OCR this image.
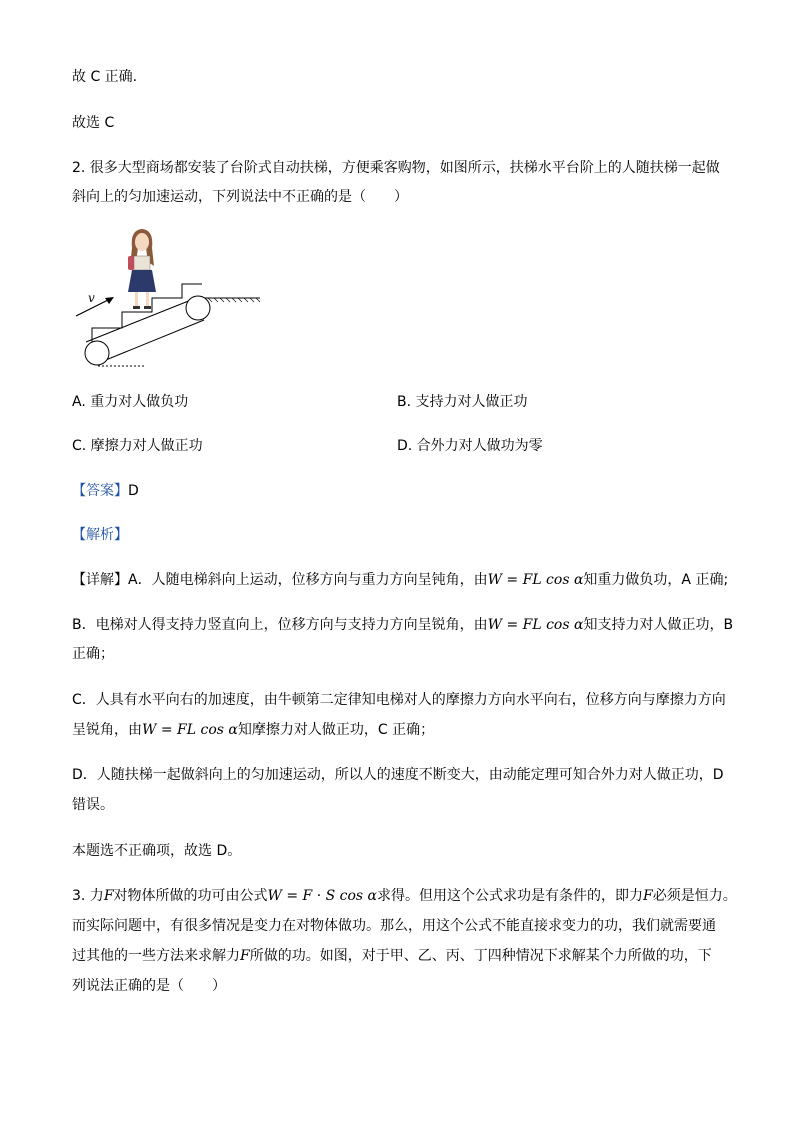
故 C 正确.
故选 C
2. 很多大型商场都安装了台阶式自动扶梯，方便乘客购物，如图所示，扶梯水平台阶上的人随扶梯一起做
斜向上的匀加速运动，下列说法中不正确的是（　　）
v
A. 重力对人做负功	B. 支持力对人做正功
C. 摩擦力对人做正功	D. 合外力对人做功为零
【答案】D
【解析】
【详解】A．人随电梯斜向上运动，位移方向与重力方向呈钝角，由W = FL cos α知重力做负功，A 正确;
B．电梯对人得支持力竖直向上，位移方向与支持力方向呈锐角，由W = FL cos α知支持力对人做正功，B
正确；
C．人具有水平向右的加速度，由牛顿第二定律知电梯对人的摩擦力方向水平向右，位移方向与摩擦力方向
呈锐角，由W = FL cos α知摩擦力对人做正功，C 正确；
D．人随扶梯一起做斜向上的匀加速运动，所以人的速度不断变大，由动能定理可知合外力对人做正功，D
错误。
本题选不正确项，故选 D。
3. 力F对物体所做的功可由公式W = F · S cos α求得。但用这个公式求功是有条件的，即力F必须是恒力。
而实际问题中，有很多情况是变力在对物体做功。那么，用这个公式不能直接求变力的功，我们就需要通
过其他的一些方法来求解力F所做的功。如图，对于甲、乙、丙、丁四种情况下求解某个力所做的功，下
列说法正确的是（　　）
